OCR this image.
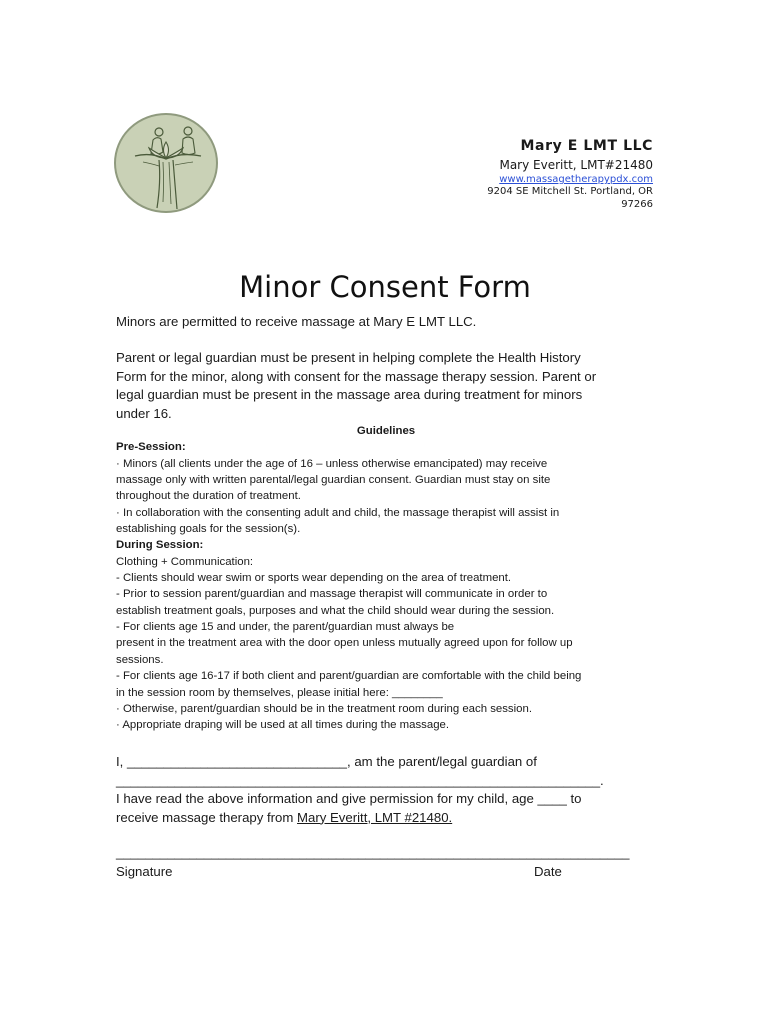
Mary E LMT LLC
Mary Everitt, LMT#21480
www.massagetherapypdx.com
9204 SE Mitchell St. Portland, OR
97266
Minor Consent Form
Minors are permitted to receive massage at Mary E LMT LLC.
Parent or legal guardian must be present in helping complete the Health History
Form for the minor, along with consent for the massage therapy session. Parent or
legal guardian must be present in the massage area during treatment for minors
under 16.
Guidelines
Pre-Session:
· Minors (all clients under the age of 16 – unless otherwise emancipated) may receive
massage only with written parental/legal guardian consent. Guardian must stay on site
throughout the duration of treatment.
· In collaboration with the consenting adult and child, the massage therapist will assist in
establishing goals for the session(s).
During Session:
Clothing + Communication:
- Clients should wear swim or sports wear depending on the area of treatment.
- Prior to session parent/guardian and massage therapist will communicate in order to
establish treatment goals, purposes and what the child should wear during the session.
- For clients age 15 and under, the parent/guardian must always be
present in the treatment area with the door open unless mutually agreed upon for follow up
sessions.
- For clients age 16-17 if both client and parent/guardian are comfortable with the child being
in the session room by themselves, please initial here: ________
· Otherwise, parent/guardian should be in the treatment room during each session.
· Appropriate draping will be used at all times during the massage.
I, ______________________________, am the parent/legal guardian of
__________________________________________________________________.
I have read the above information and give permission for my child, age ____ to
receive massage therapy from Mary Everitt, LMT #21480.
______________________________________________________________________
Signature	Date
